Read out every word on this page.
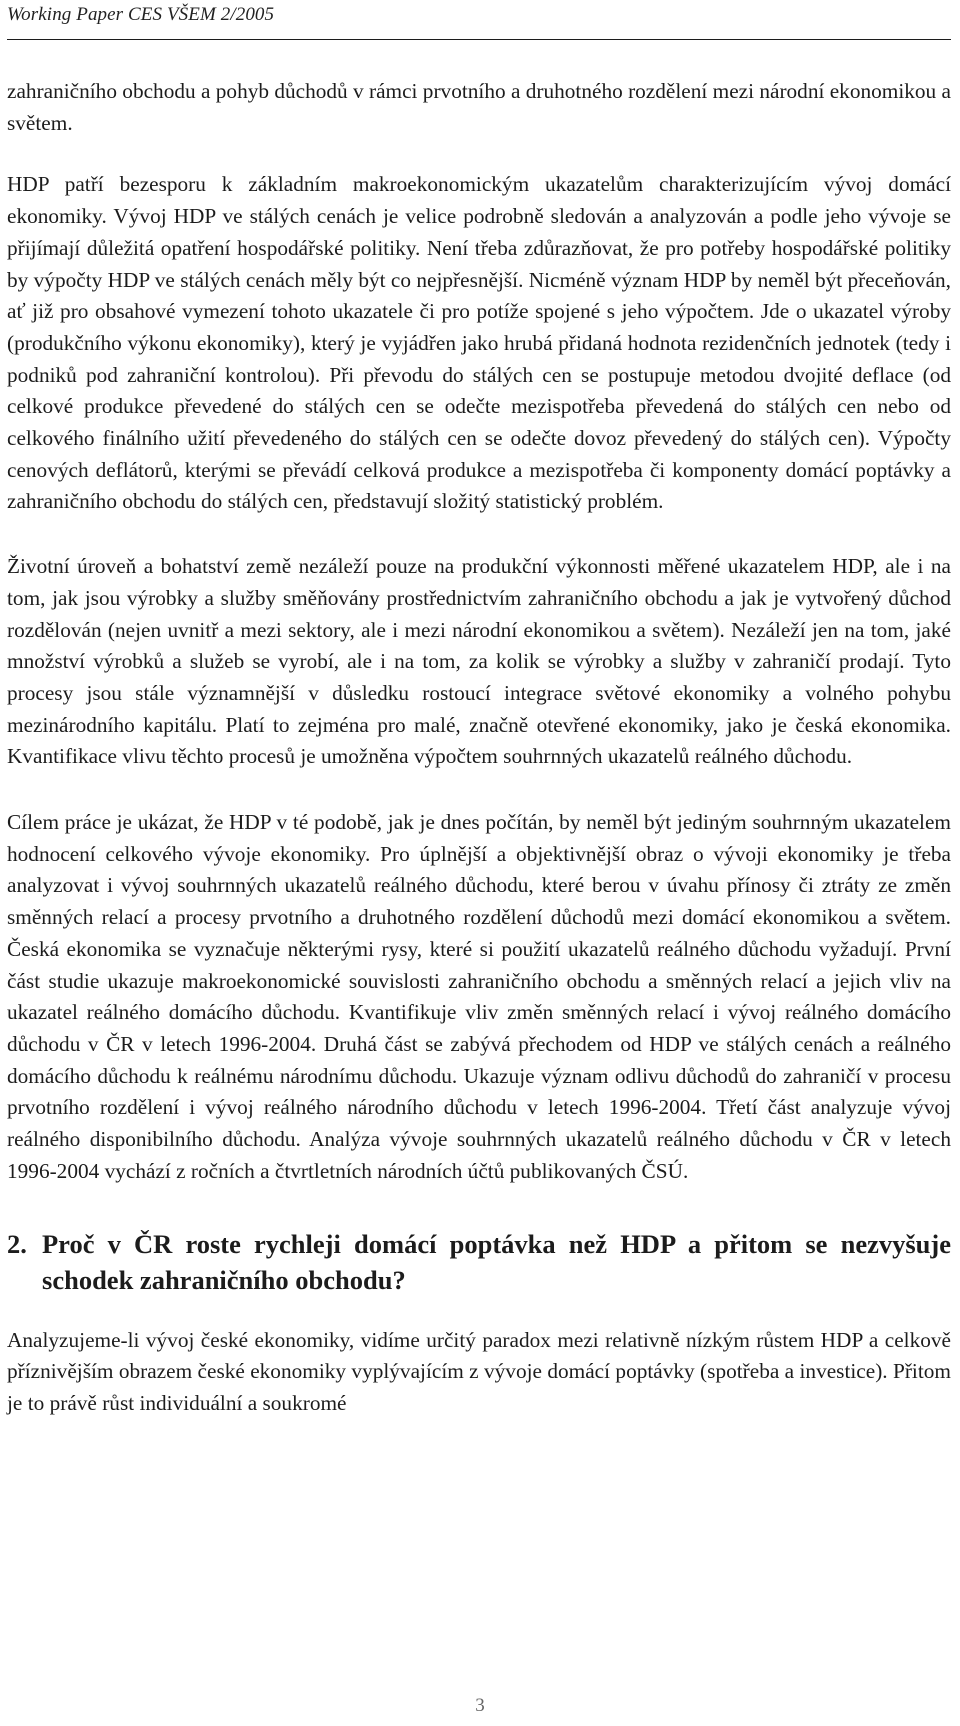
Working Paper CES VŠEM 2/2005

zahraničního obchodu a pohyb důchodů v rámci prvotního a druhotného rozdělení mezi národní ekonomikou a světem.

HDP patří bezesporu k základním makroekonomickým ukazatelům charakterizujícím vývoj domácí ekonomiky. Vývoj HDP ve stálých cenách je velice podrobně sledován a analyzován a podle jeho vývoje se přijímají důležitá opatření hospodářské politiky. Není třeba zdůrazňovat, že pro potřeby hospodářské politiky by výpočty HDP ve stálých cenách měly být co nejpřesnější. Nicméně význam HDP by neměl být přeceňován, ať již pro obsahové vymezení tohoto ukazatele či pro potíže spojené s jeho výpočtem. Jde o ukazatel výroby (produkčního výkonu ekonomiky), který je vyjádřen jako hrubá přidaná hodnota rezidenčních jednotek (tedy i podniků pod zahraniční kontrolou). Při převodu do stálých cen se postupuje metodou dvojité deflace (od celkové produkce převedené do stálých cen se odečte mezispotřeba převedená do stálých cen nebo od celkového finálního užití převedeného do stálých cen se odečte dovoz převedený do stálých cen). Výpočty cenových deflátorů, kterými se převádí celková produkce a mezispotřeba či komponenty domácí poptávky a zahraničního obchodu do stálých cen, představují složitý statistický problém.

Životní úroveň a bohatství země nezáleží pouze na produkční výkonnosti měřené ukazatelem HDP, ale i na tom, jak jsou výrobky a služby směňovány prostřednictvím zahraničního obchodu a jak je vytvořený důchod rozdělován (nejen uvnitř a mezi sektory, ale i mezi národní ekonomikou a světem). Nezáleží jen na tom, jaké množství výrobků a služeb se vyrobí, ale i na tom, za kolik se výrobky a služby v zahraničí prodají. Tyto procesy jsou stále významnější v důsledku rostoucí integrace světové ekonomiky a volného pohybu mezinárodního kapitálu. Platí to zejména pro malé, značně otevřené ekonomiky, jako je česká ekonomika. Kvantifikace vlivu těchto procesů je umožněna výpočtem souhrnných ukazatelů reálného důchodu.

Cílem práce je ukázat, že HDP v té podobě, jak je dnes počítán, by neměl být jediným souhrnným ukazatelem hodnocení celkového vývoje ekonomiky. Pro úplnější a objektivnější obraz o vývoji ekonomiky je třeba analyzovat i vývoj souhrnných ukazatelů reálného důchodu, které berou v úvahu přínosy či ztráty ze změn směnných relací a procesy prvotního a druhotného rozdělení důchodů mezi domácí ekonomikou a světem. Česká ekonomika se vyznačuje některými rysy, které si použití ukazatelů reálného důchodu vyžadují. První část studie ukazuje makroekonomické souvislosti zahraničního obchodu a směnných relací a jejich vliv na ukazatel reálného domácího důchodu. Kvantifikuje vliv změn směnných relací i vývoj reálného domácího důchodu v ČR v letech 1996-2004. Druhá část se zabývá přechodem od HDP ve stálých cenách a reálného domácího důchodu k reálnému národnímu důchodu. Ukazuje význam odlivu důchodů do zahraničí v procesu prvotního rozdělení i vývoj reálného národního důchodu v letech 1996-2004. Třetí část analyzuje vývoj reálného disponibilního důchodu. Analýza vývoje souhrnných ukazatelů reálného důchodu v ČR v letech 1996-2004 vychází z ročních a čtvrtletních národních účtů publikovaných ČSÚ.

2. Proč v ČR roste rychleji domácí poptávka než HDP a přitom se nezvyšuje schodek zahraničního obchodu?

Analyzujeme-li vývoj české ekonomiky, vidíme určitý paradox mezi relativně nízkým růstem HDP a celkově příznivějším obrazem české ekonomiky vyplývajícím z vývoje domácí poptávky (spotřeba a investice). Přitom je to právě růst individuální a soukromé

3
